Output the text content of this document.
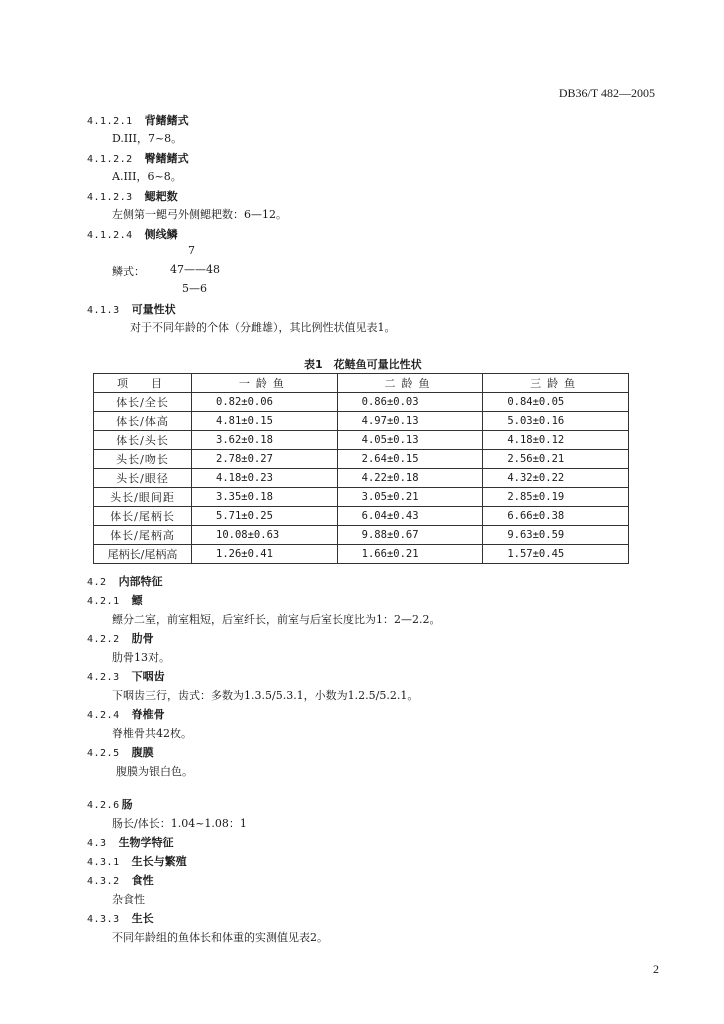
DB36/T 482—2005
4.1.2.1 背鳍鳍式
D.III，7~8。
4.1.2.2 臀鳍鳍式
A.III，6~8。
4.1.2.3 鳃耙数
左侧第一鳃弓外侧鳃耙数：6—12。
4.1.2.4 侧线鳞
7
鳞式： 47——48
5—6
4.1.3 可量性状
对于不同年龄的个体（分雌雄），其比例性状值见表1。
表1　花鲢鱼可量比性状
项　目	一龄鱼	二龄鱼	三龄鱼
体长/全长	0.82±0.06	0.86±0.03	0.84±0.05
体长/体高	4.81±0.15	4.97±0.13	5.03±0.16
体长/头长	3.62±0.18	4.05±0.13	4.18±0.12
头长/吻长	2.78±0.27	2.64±0.15	2.56±0.21
头长/眼径	4.18±0.23	4.22±0.18	4.32±0.22
头长/眼间距	3.35±0.18	3.05±0.21	2.85±0.19
体长/尾柄长	5.71±0.25	6.04±0.43	6.66±0.38
体长/尾柄高	10.08±0.63	9.88±0.67	9.63±0.59
尾柄长/尾柄高	1.26±0.41	1.66±0.21	1.57±0.45
4.2 内部特征
4.2.1 鳔
鳔分二室，前室粗短，后室纤长，前室与后室长度比为1：2—2.2。
4.2.2 肋骨
肋骨13对。
4.2.3 下咽齿
下咽齿三行，齿式：多数为1.3.5/5.3.1，小数为1.2.5/5.2.1。
4.2.4 脊椎骨
脊椎骨共42枚。
4.2.5 腹膜
腹膜为银白色。
4.2.6 肠
肠长/体长：1.04~1.08：1
4.3 生物学特征
4.3.1 生长与繁殖
4.3.2 食性
杂食性
4.3.3 生长
不同年龄组的鱼体长和体重的实测值见表2。
2
